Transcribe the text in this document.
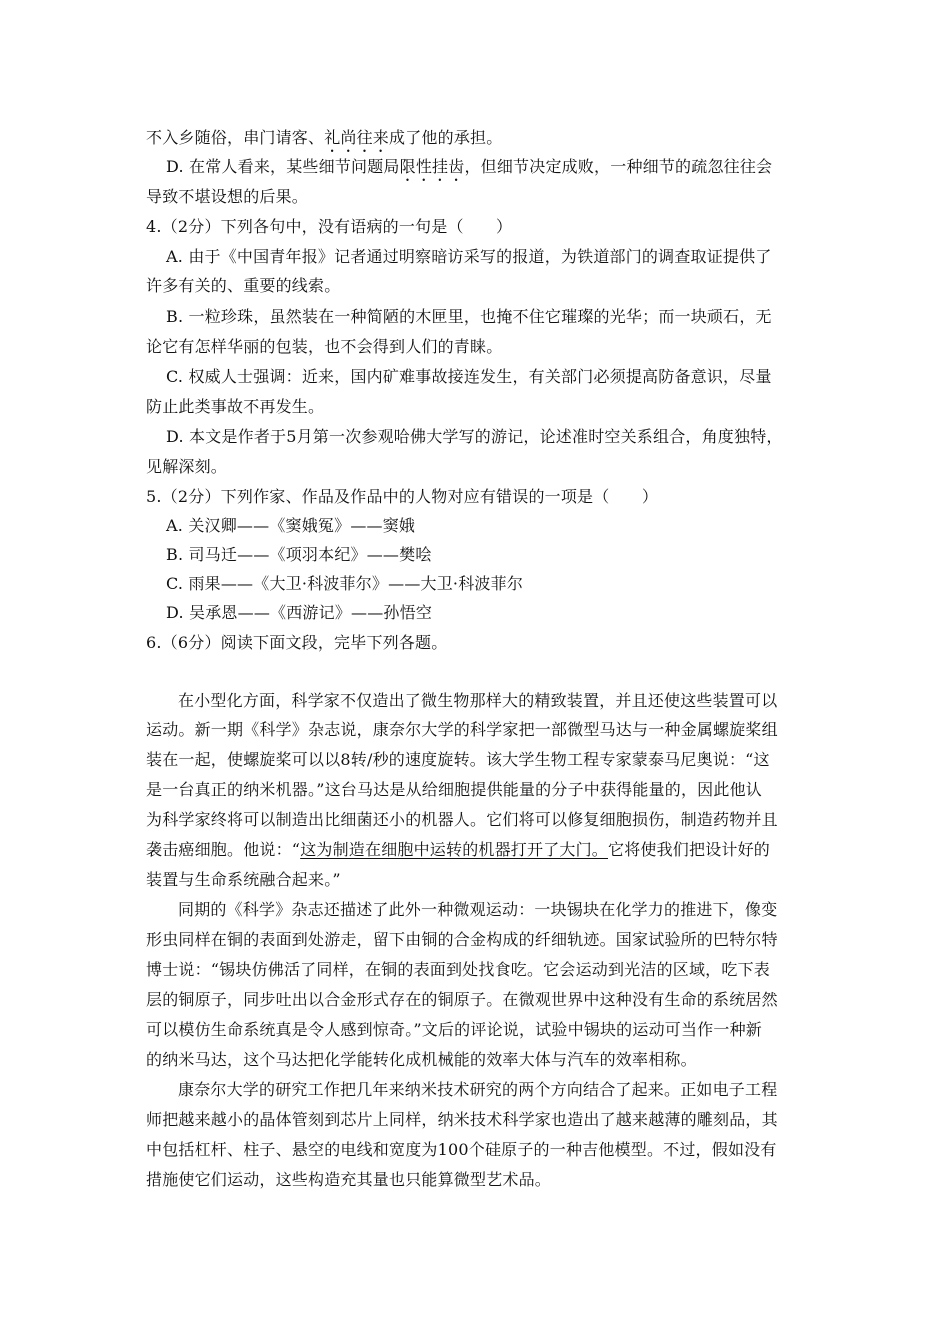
不入乡随俗，串门请客、礼尚往来成了他的承担。
D. 在常人看来，某些细节问题局限性挂齿，但细节决定成败，一种细节的疏忽往往会
导致不堪设想的后果。
4.（2分）下列各句中，没有语病的一句是（　　）
A. 由于《中国青年报》记者通过明察暗访采写的报道，为铁道部门的调查取证提供了
许多有关的、重要的线索。
B. 一粒珍珠，虽然装在一种简陋的木匣里，也掩不住它璀璨的光华；而一块顽石，无
论它有怎样华丽的包装，也不会得到人们的青睐。
C. 权威人士强调：近来，国内矿难事故接连发生，有关部门必须提高防备意识，尽量
防止此类事故不再发生。
D. 本文是作者于5月第一次参观哈佛大学写的游记，论述准时空关系组合，角度独特，
见解深刻。
5.（2分）下列作家、作品及作品中的人物对应有错误的一项是（　　）
A. 关汉卿——《窦娥冤》——窦娥
B. 司马迁——《项羽本纪》——樊哙
C. 雨果——《大卫·科波菲尔》——大卫·科波菲尔
D. 吴承恩——《西游记》——孙悟空
6.（6分）阅读下面文段，完毕下列各题。
在小型化方面，科学家不仅造出了微生物那样大的精致装置，并且还使这些装置可以
运动。新一期《科学》杂志说，康奈尔大学的科学家把一部微型马达与一种金属螺旋桨组
装在一起，使螺旋桨可以以8转/秒的速度旋转。该大学生物工程专家蒙泰马尼奥说：“这
是一台真正的纳米机器。”这台马达是从给细胞提供能量的分子中获得能量的，因此他认
为科学家终将可以制造出比细菌还小的机器人。它们将可以修复细胞损伤，制造药物并且
袭击癌细胞。他说：“这为制造在细胞中运转的机器打开了大门。它将使我们把设计好的
装置与生命系统融合起来。”
同期的《科学》杂志还描述了此外一种微观运动：一块锡块在化学力的推进下，像变
形虫同样在铜的表面到处游走，留下由铜的合金构成的纤细轨迹。国家试验所的巴特尔特
博士说：“锡块仿佛活了同样，在铜的表面到处找食吃。它会运动到光洁的区域，吃下表
层的铜原子，同步吐出以合金形式存在的铜原子。在微观世界中这种没有生命的系统居然
可以模仿生命系统真是令人感到惊奇。”文后的评论说，试验中锡块的运动可当作一种新
的纳米马达，这个马达把化学能转化成机械能的效率大体与汽车的效率相称。
康奈尔大学的研究工作把几年来纳米技术研究的两个方向结合了起来。正如电子工程
师把越来越小的晶体管刻到芯片上同样，纳米技术科学家也造出了越来越薄的雕刻品，其
中包括杠杆、柱子、悬空的电线和宽度为100个硅原子的一种吉他模型。不过，假如没有
措施使它们运动，这些构造充其量也只能算微型艺术品。
